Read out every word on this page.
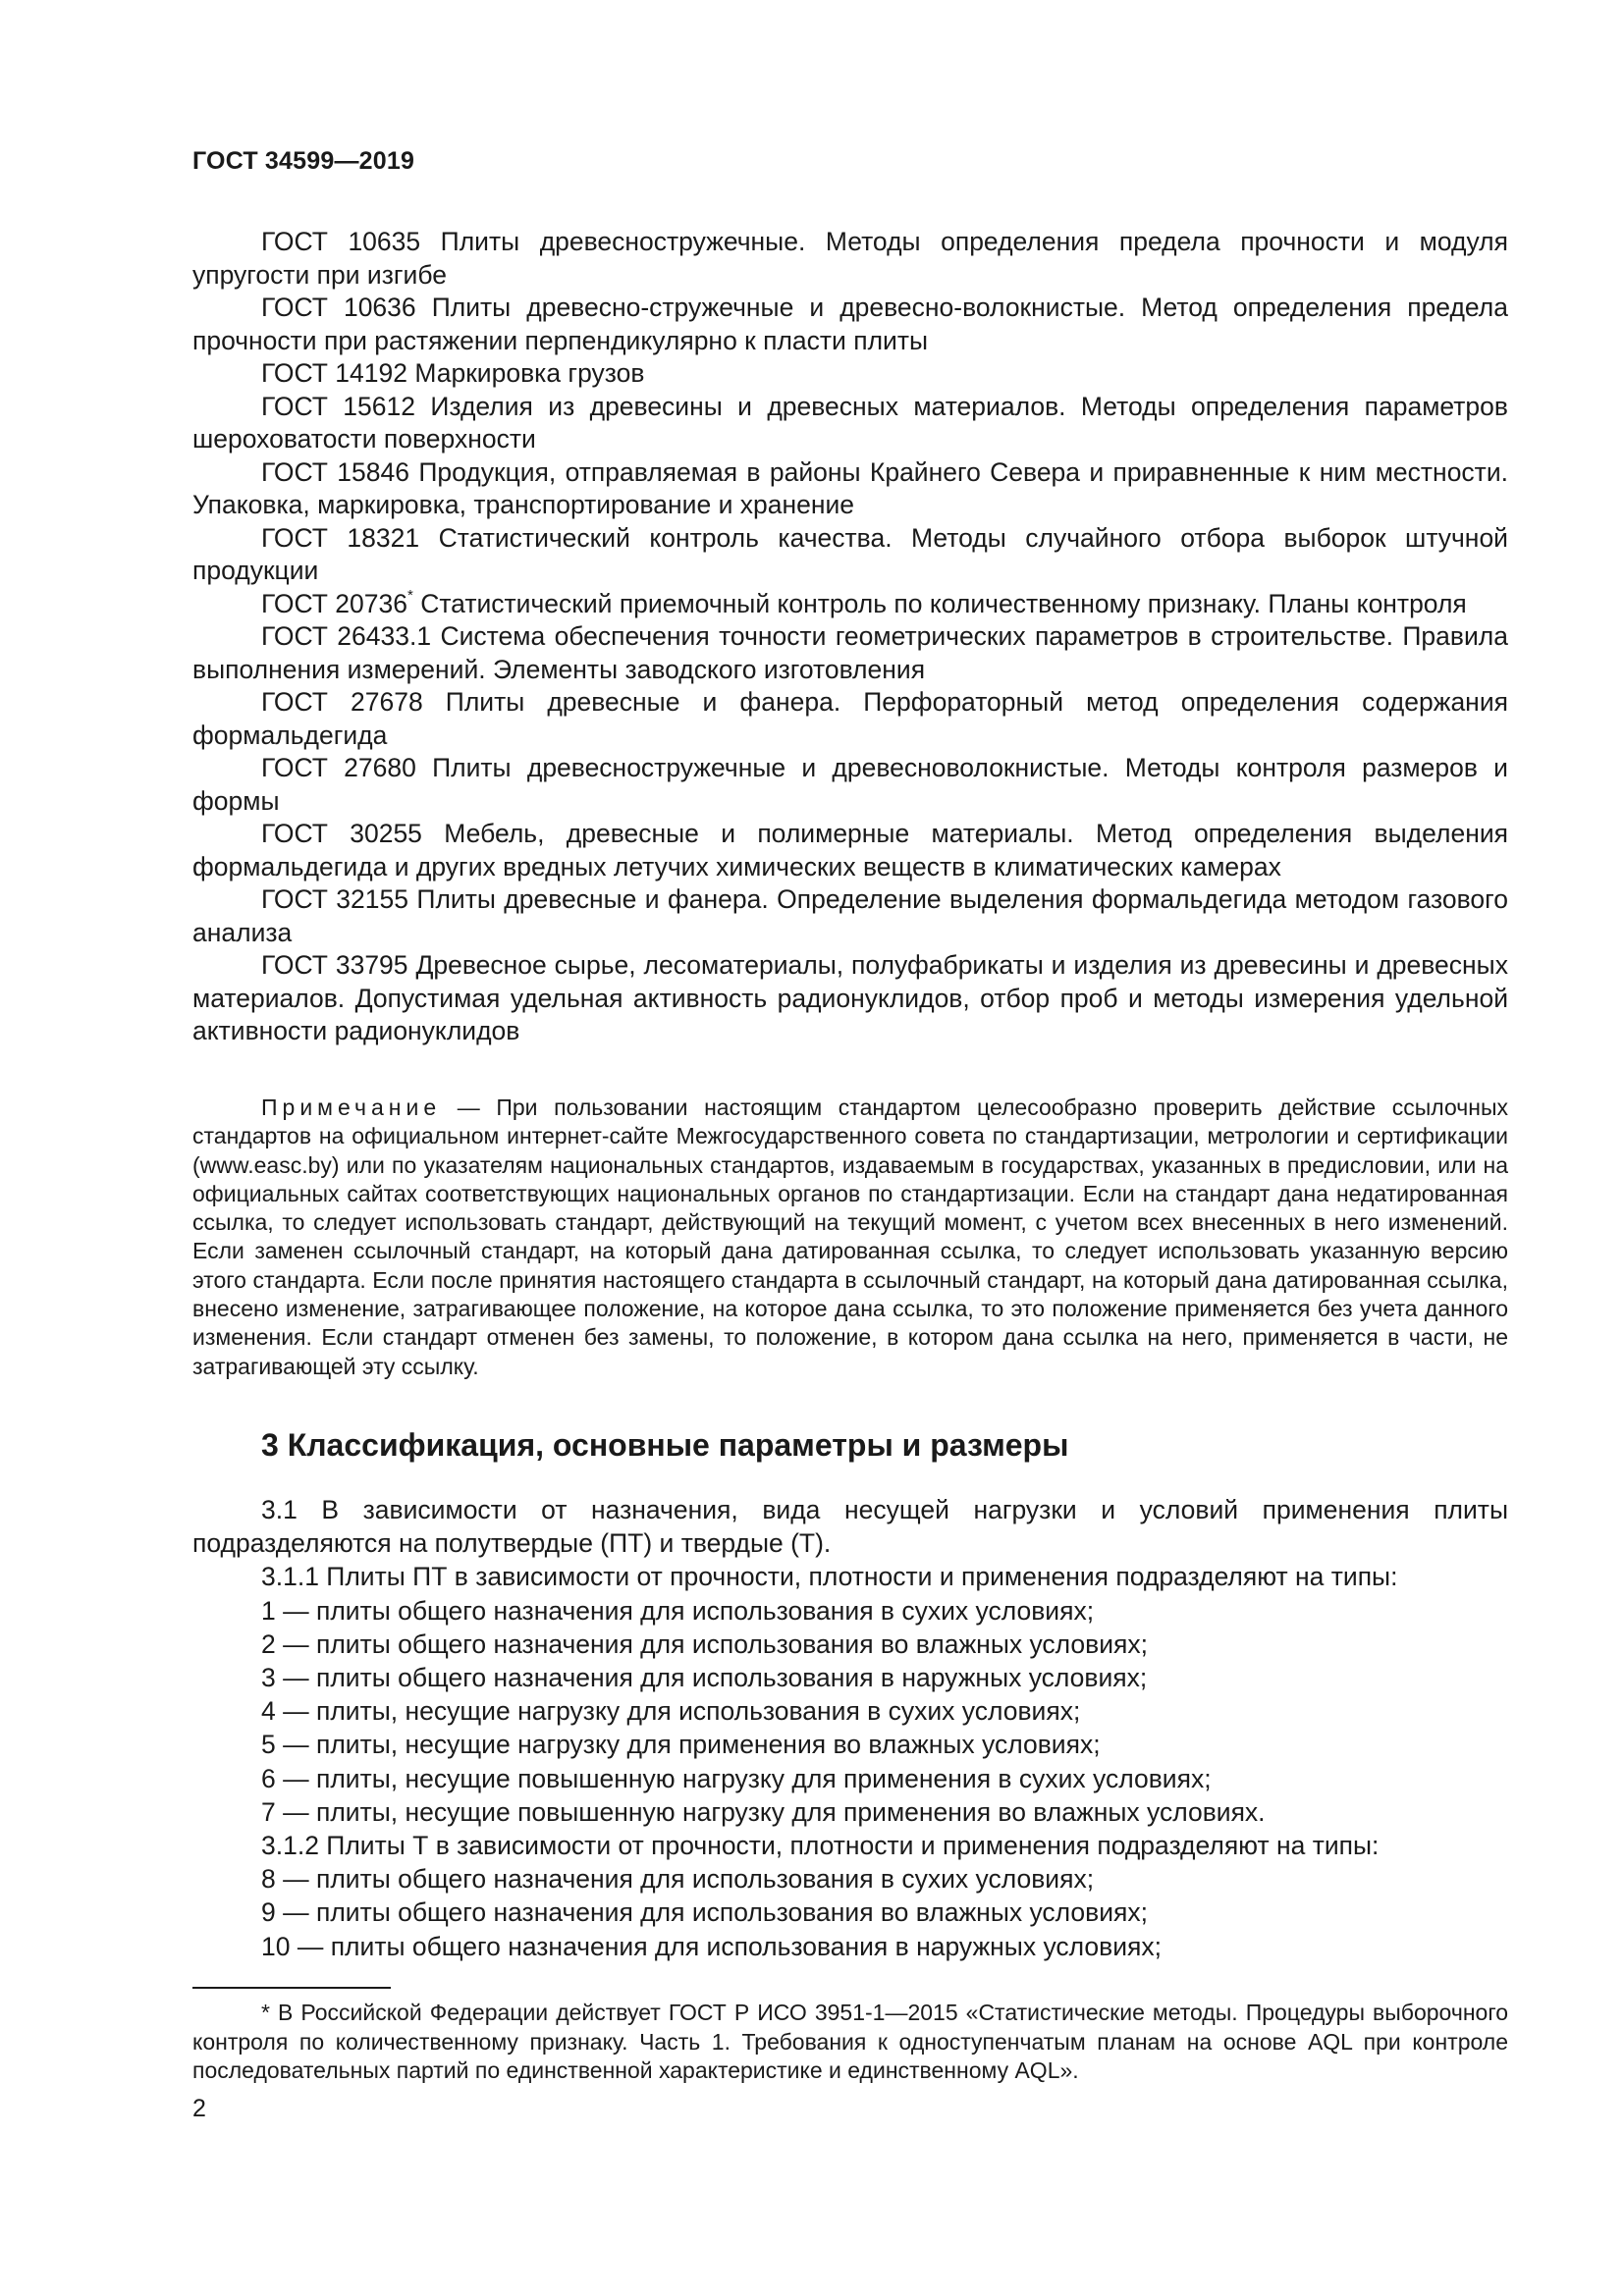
ГОСТ 34599—2019

ГОСТ 10635 Плиты древесностружечные. Методы определения предела прочности и модуля упругости при изгибе

ГОСТ 10636 Плиты древесно-стружечные и древесно-волокнистые. Метод определения предела прочности при растяжении перпендикулярно к пласти плиты

ГОСТ 14192 Маркировка грузов

ГОСТ 15612 Изделия из древесины и древесных материалов. Методы определения параметров шероховатости поверхности

ГОСТ 15846 Продукция, отправляемая в районы Крайнего Севера и приравненные к ним местности. Упаковка, маркировка, транспортирование и хранение

ГОСТ 18321 Статистический контроль качества. Методы случайного отбора выборок штучной продукции

ГОСТ 20736* Статистический приемочный контроль по количественному признаку. Планы контроля

ГОСТ 26433.1 Система обеспечения точности геометрических параметров в строительстве. Правила выполнения измерений. Элементы заводского изготовления

ГОСТ 27678 Плиты древесные и фанера. Перфораторный метод определения содержания формальдегида

ГОСТ 27680 Плиты древесностружечные и древесноволокнистые. Методы контроля размеров и формы

ГОСТ 30255 Мебель, древесные и полимерные материалы. Метод определения выделения формальдегида и других вредных летучих химических веществ в климатических камерах

ГОСТ 32155 Плиты древесные и фанера. Определение выделения формальдегида методом газового анализа

ГОСТ 33795 Древесное сырье, лесоматериалы, полуфабрикаты и изделия из древесины и древесных материалов. Допустимая удельная активность радионуклидов, отбор проб и методы измерения удельной активности радионуклидов

Примечание — При пользовании настоящим стандартом целесообразно проверить действие ссылочных стандартов на официальном интернет-сайте Межгосударственного совета по стандартизации, метрологии и сертификации (www.easc.by) или по указателям национальных стандартов, издаваемым в государствах, указанных в предисловии, или на официальных сайтах соответствующих национальных органов по стандартизации. Если на стандарт дана недатированная ссылка, то следует использовать стандарт, действующий на текущий момент, с учетом всех внесенных в него изменений. Если заменен ссылочный стандарт, на который дана датированная ссылка, то следует использовать указанную версию этого стандарта. Если после принятия настоящего стандарта в ссылочный стандарт, на который дана датированная ссылка, внесено изменение, затрагивающее положение, на которое дана ссылка, то это положение применяется без учета данного изменения. Если стандарт отменен без замены, то положение, в котором дана ссылка на него, применяется в части, не затрагивающей эту ссылку.

3 Классификация, основные параметры и размеры

3.1 В зависимости от назначения, вида несущей нагрузки и условий применения плиты подразделяются на полутвердые (ПТ) и твердые (Т).

3.1.1 Плиты ПТ в зависимости от прочности, плотности и применения подразделяют на типы:

1 — плиты общего назначения для использования в сухих условиях;

2 — плиты общего назначения для использования во влажных условиях;

3 — плиты общего назначения для использования в наружных условиях;

4 — плиты, несущие нагрузку для использования в сухих условиях;

5 — плиты, несущие нагрузку для применения во влажных условиях;

6 — плиты, несущие повышенную нагрузку для применения в сухих условиях;

7 — плиты, несущие повышенную нагрузку для применения во влажных условиях.

3.1.2 Плиты Т в зависимости от прочности, плотности и применения подразделяют на типы:

8 — плиты общего назначения для использования в сухих условиях;

9 — плиты общего назначения для использования во влажных условиях;

10 — плиты общего назначения для использования в наружных условиях;

* В Российской Федерации действует ГОСТ Р ИСО 3951-1—2015 «Статистические методы. Процедуры выборочного контроля по количественному признаку. Часть 1. Требования к одноступенчатым планам на основе AQL при контроле последовательных партий по единственной характеристике и единственному AQL».

2
